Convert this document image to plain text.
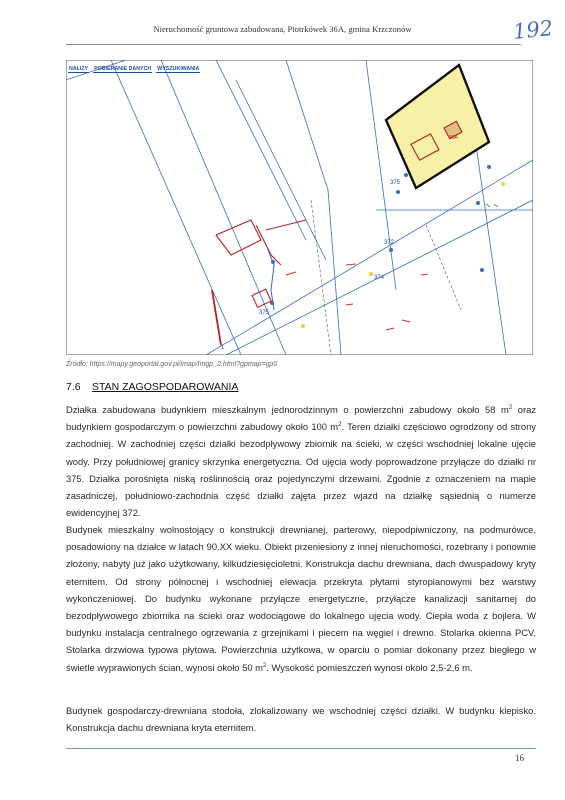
Nieruchomość gruntowa zabudowana, Piotrkówek 36A, gmina Krzczonów	192
375
372
374
375
1
36A
NALIZY POBIERANIE DANYCH WYSZUKIWANIA
Źródło: https://mapy.geoportal.gov.pl/imap/Imgp_2.html?gpmap=gp0
7.6 STAN ZAGOSPODAROWANIA
Działka zabudowana budynkiem mieszkalnym jednorodzinnym o powierzchni zabudowy około 58 $m^2$ oraz budynkiem gospodarczym o powierzchni zabudowy około 100 $m^2$. Teren działki częściowo ogrodzony od strony zachodniej. W zachodniej części działki bezodpływowy zbiornik na ścieki, w części wschodniej lokalne ujęcie wody. Przy południowej granicy skrzynka energetyczna. Od ujęcia wody poprowadzone przyłącze do działki nr 375. Działka porośnięta niską roślinnością oraz pojedynczymi drzewami. Zgodnie z oznaczeniem na mapie zasadniczej, południowo-zachodnia część działki zajęta przez wjazd na działkę sąsiednią o numerze ewidencyjnej 372.
Budynek mieszkalny wolnostojący o konstrukcji drewnianej, parterowy, niepodpiwniczony, na podmurówce, posadowiony na działce w latach 90.XX wieku. Obiekt przeniesiony z innej nieruchomości, rozebrany i ponownie złożony, nabyty już jako użytkowany, kilkudziesięcioletni. Konstrukcja dachu drewniana, dach dwuspadowy kryty eternitem. Od strony północnej i wschodniej elewacja przekryta płytami styropianowymi bez warstwy wykończeniowej. Do budynku wykonane przyłącze energetyczne, przyłącze kanalizacji sanitarnej do bezodpływowego zbiornika na ścieki oraz wodociągowe do lokalnego ujęcia wody. Ciepła woda z bojlera. W budynku instalacja centralnego ogrzewania z grzejnikami i piecem na węgiel i drewno. Stolarka okienna PCV. Stolarka drzwiowa typowa płytowa. Powierzchnia użytkowa, w oparciu o pomiar dokonany przez biegłego w świetle wyprawionych ścian, wynosi około 50 $m^2$. Wysokość pomieszczeń wynosi około 2,5-2,6 m.
Budynek gospodarczy-drewniana stodoła, zlokalizowany we wschodniej części działki. W budynku klepisko. Konstrukcja dachu drewniana kryta eternitem.
16
